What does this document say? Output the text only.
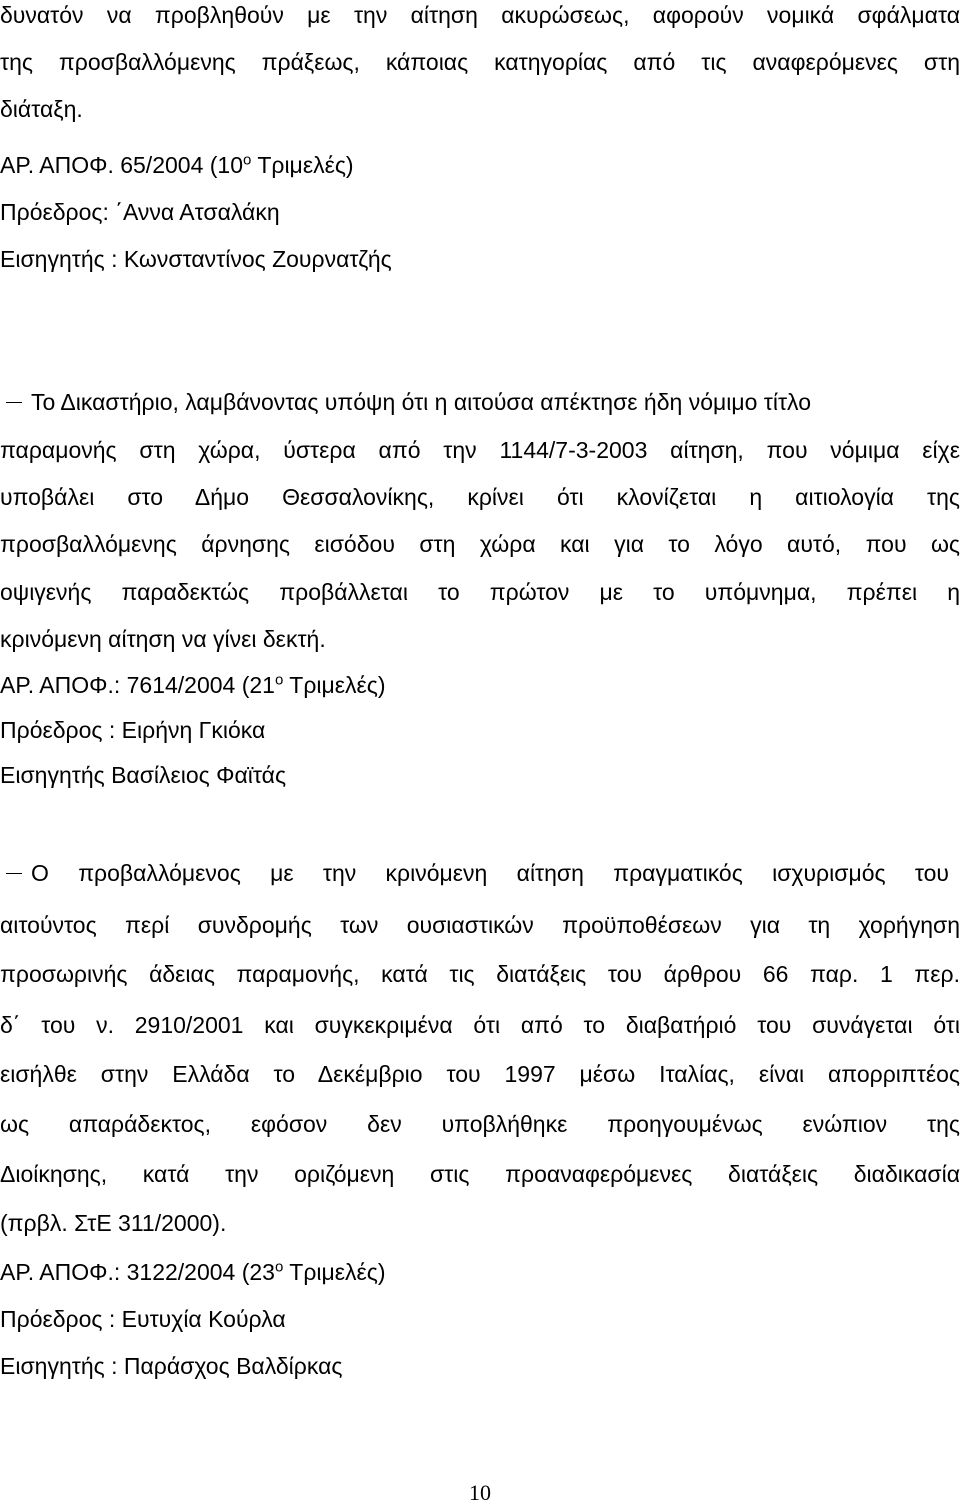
δυνατόν να προβληθούν με την αίτηση ακυρώσεως, αφορούν νομικά σφάλματα
της προσβαλλόμενης πράξεως, κάποιας κατηγορίας από τις αναφερόμενες στη
διάταξη.
ΑΡ. ΑΠΟΦ. 65/2004 ($10^o$ Τριμελές)
Πρόεδρος: ΄Αννα Ατσαλάκη
Εισηγητής : Κωνσταντίνος Ζουρνατζής
Το Δικαστήριο, λαμβάνοντας υπόψη ότι η αιτούσα απέκτησε ήδη νόμιμο τίτλο
παραμονής στη χώρα, ύστερα από την 1144/7-3-2003 αίτηση, που νόμιμα είχε
υποβάλει στο Δήμο Θεσσαλονίκης, κρίνει ότι κλονίζεται η αιτιολογία της
προσβαλλόμενης άρνησης εισόδου στη χώρα και για το λόγο αυτό, που ως
οψιγενής παραδεκτώς προβάλλεται το πρώτον με το υπόμνημα, πρέπει η
κρινόμενη αίτηση να γίνει δεκτή.
ΑΡ. ΑΠΟΦ.: 7614/2004 ($21^o$ Τριμελές)
Πρόεδρος : Ειρήνη Γκιόκα
Εισηγητής Βασίλειος Φαϊτάς
Ο προβαλλόμενος με την κρινόμενη αίτηση πραγματικός ισχυρισμός του
αιτούντος περί συνδρομής των ουσιαστικών προϋποθέσεων για τη χορήγηση
προσωρινής άδειας παραμονής, κατά τις διατάξεις του άρθρου 66 παρ. 1 περ.
δ΄ του ν. 2910/2001 και συγκεκριμένα ότι από το διαβατήριό του συνάγεται ότι
εισήλθε στην Ελλάδα το Δεκέμβριο του 1997 μέσω Ιταλίας, είναι απορριπτέος
ως απαράδεκτος, εφόσον δεν υποβλήθηκε προηγουμένως ενώπιον της
Διοίκησης, κατά την οριζόμενη στις προαναφερόμενες διατάξεις διαδικασία
(πρβλ. ΣτΕ 311/2000).
ΑΡ. ΑΠΟΦ.: 3122/2004 ($23^o$ Τριμελές)
Πρόεδρος : Ευτυχία Κούρλα
Εισηγητής : Παράσχος Βαλδίρκας
10
